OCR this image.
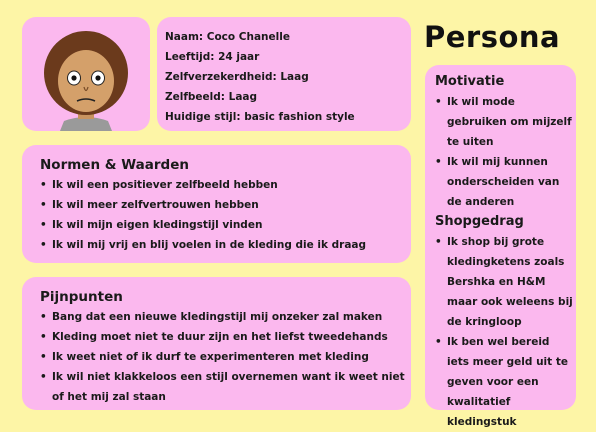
Naam: Coco Chanelle
Leeftijd: 24 jaar
Zelfverzekerdheid: Laag
Zelfbeeld: Laag
Huidige stijl: basic fashion style
Persona
Normen & Waarden
• Ik wil een positiever zelfbeeld hebben
• Ik wil meer zelfvertrouwen hebben
• Ik wil mijn eigen kledingstijl vinden
• Ik wil mij vrij en blij voelen in de kleding die ik draag
Pijnpunten
• Bang dat een nieuwe kledingstijl mij onzeker zal maken
• Kleding moet niet te duur zijn en het liefst tweedehands
• Ik weet niet of ik durf te experimenteren met kleding
• Ik wil niet klakkeloos een stijl overnemen want ik weet niet of het mij zal staan
Motivatie
• Ik wil mode gebruiken om mijzelf te uiten
• Ik wil mij kunnen onderscheiden van de anderen
Shopgedrag
• Ik shop bij grote kledingketens zoals Bershka en H&M maar ook weleens bij de kringloop
• Ik ben wel bereid iets meer geld uit te geven voor een kwalitatief kledingstuk
